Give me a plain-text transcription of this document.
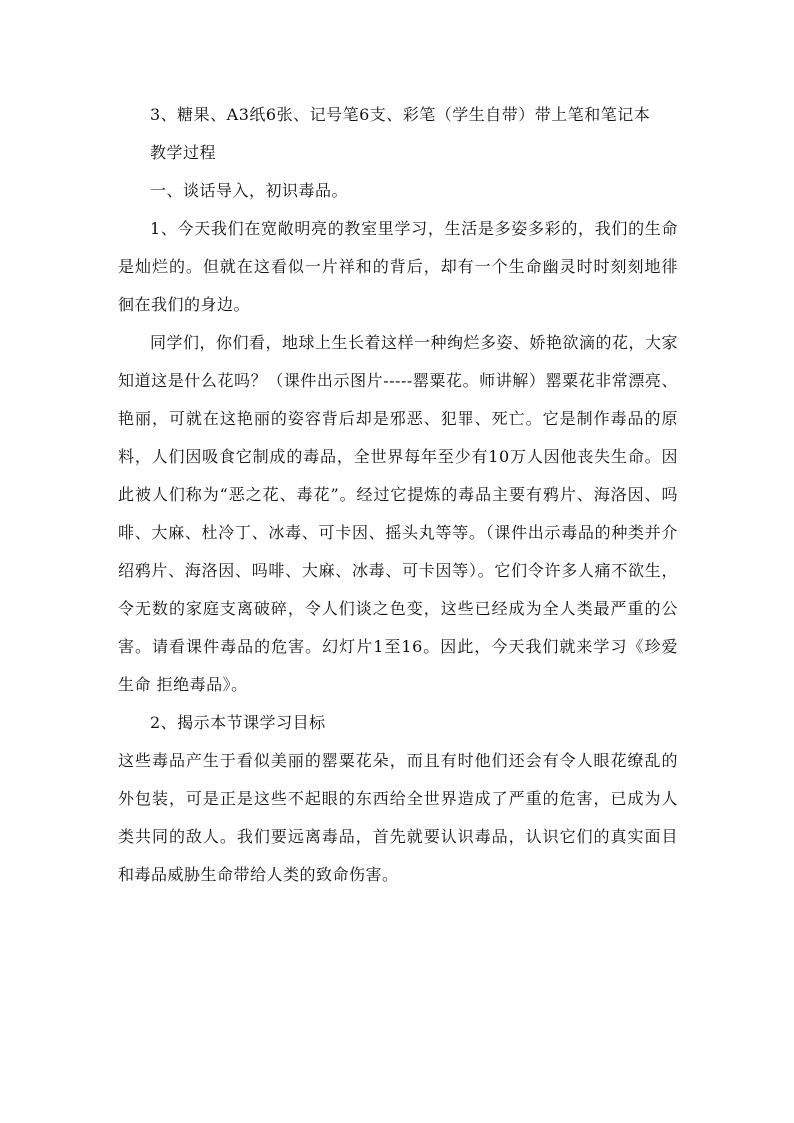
3、糖果、A3纸6张、记号笔6支、彩笔（学生自带）带上笔和笔记本

教学过程

一、谈话导入，初识毒品。

1、今天我们在宽敞明亮的教室里学习，生活是多姿多彩的，我们的生命是灿烂的。但就在这看似一片祥和的背后，却有一个生命幽灵时时刻刻地徘徊在我们的身边。

同学们，你们看，地球上生长着这样一种绚烂多姿、娇艳欲滴的花，大家知道这是什么花吗？（课件出示图片-----罂粟花。师讲解）罂粟花非常漂亮、艳丽，可就在这艳丽的姿容背后却是邪恶、犯罪、死亡。它是制作毒品的原料，人们因吸食它制成的毒品，全世界每年至少有10万人因他丧失生命。因此被人们称为“恶之花、毒花”。经过它提炼的毒品主要有鸦片、海洛因、吗啡、大麻、杜冷丁、冰毒、可卡因、摇头丸等等。（课件出示毒品的种类并介绍鸦片、海洛因、吗啡、大麻、冰毒、可卡因等）。它们令许多人痛不欲生，令无数的家庭支离破碎，令人们谈之色变，这些已经成为全人类最严重的公害。请看课件毒品的危害。幻灯片1至16。因此，今天我们就来学习《珍爱生命 拒绝毒品》。

2、揭示本节课学习目标

这些毒品产生于看似美丽的罂粟花朵，而且有时他们还会有令人眼花缭乱的外包装，可是正是这些不起眼的东西给全世界造成了严重的危害，已成为人类共同的敌人。我们要远离毒品，首先就要认识毒品，认识它们的真实面目和毒品威胁生命带给人类的致命伤害。
